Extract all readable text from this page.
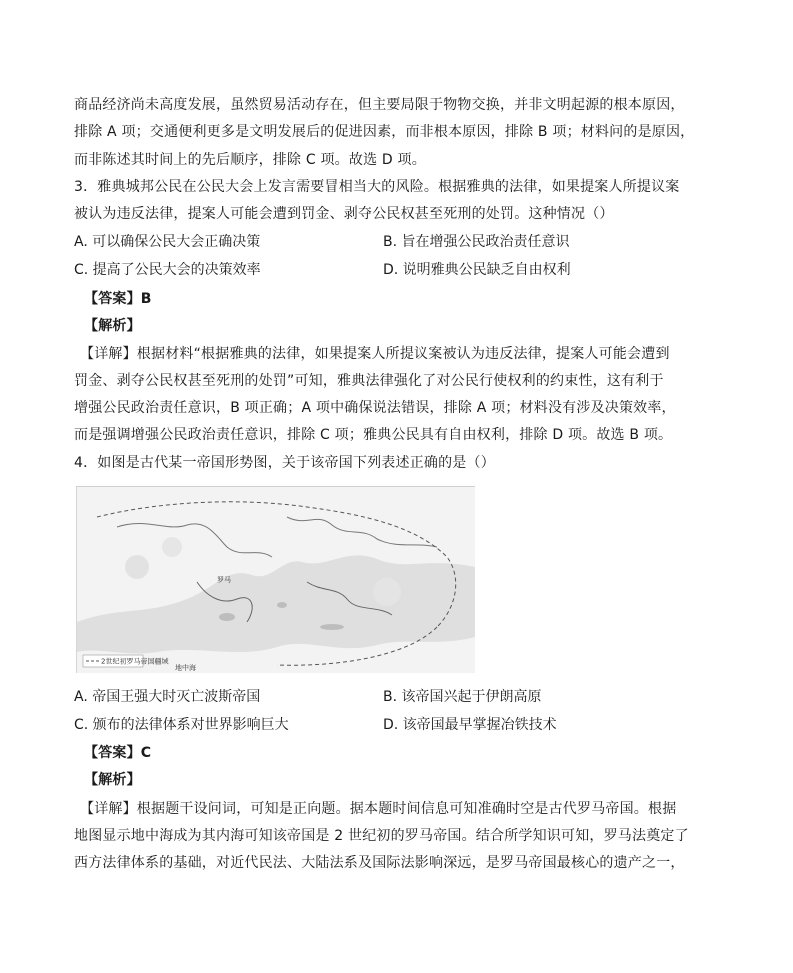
商品经济尚未高度发展，虽然贸易活动存在，但主要局限于物物交换，并非文明起源的根本原因，
排除 A 项；交通便利更多是文明发展后的促进因素，而非根本原因，排除 B 项；材料问的是原因，
而非陈述其时间上的先后顺序，排除 C 项。故选 D 项。
3．雅典城邦公民在公民大会上发言需要冒相当大的风险。根据雅典的法律，如果提案人所提议案
被认为违反法律，提案人可能会遭到罚金、剥夺公民权甚至死刑的处罚。这种情况（）
A. 可以确保公民大会正确决策	B. 旨在增强公民政治责任意识
C. 提高了公民大会的决策效率	D. 说明雅典公民缺乏自由权利
【答案】B
【解析】
【详解】根据材料“根据雅典的法律，如果提案人所提议案被认为违反法律，提案人可能会遭到
罚金、剥夺公民权甚至死刑的处罚”可知，雅典法律强化了对公民行使权利的约束性，这有利于
增强公民政治责任意识，B 项正确；A 项中确保说法错误，排除 A 项；材料没有涉及决策效率，
而是强调增强公民政治责任意识，排除 C 项；雅典公民具有自由权利，排除 D 项。故选 B 项。
4．如图是古代某一帝国形势图，关于该帝国下列表述正确的是（）
2世纪初罗马帝国疆域
罗马
地中海
A. 帝国王强大时灭亡波斯帝国	B. 该帝国兴起于伊朗高原
C. 颁布的法律体系对世界影响巨大	D. 该帝国最早掌握冶铁技术
【答案】C
【解析】
【详解】根据题干设问词，可知是正向题。据本题时间信息可知准确时空是古代罗马帝国。根据
地图显示地中海成为其内海可知该帝国是 2 世纪初的罗马帝国。结合所学知识可知，罗马法奠定了
西方法律体系的基础，对近代民法、大陆法系及国际法影响深远，是罗马帝国最核心的遗产之一，
